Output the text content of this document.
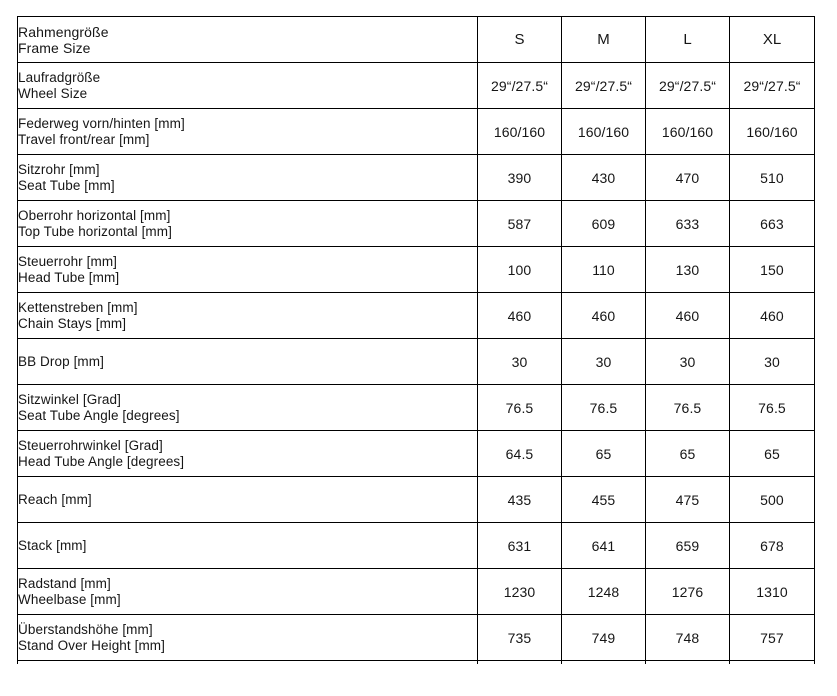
Rahmengröße
Frame Size	S	M	L	XL

Laufradgröße
Wheel Size	29“/27.5“	29“/27.5“	29“/27.5“	29“/27.5“

Federweg vorn/hinten [mm]
Travel front/rear [mm]	160/160	160/160	160/160	160/160

Sitzrohr [mm]
Seat Tube [mm]	390	430	470	510

Oberrohr horizontal [mm]
Top Tube horizontal [mm]	587	609	633	663

Steuerrohr [mm]
Head Tube [mm]	100	110	130	150

Kettenstreben [mm]
Chain Stays [mm]	460	460	460	460

BB Drop [mm]	30	30	30	30

Sitzwinkel [Grad]
Seat Tube Angle [degrees]	76.5	76.5	76.5	76.5

Steuerrohrwinkel [Grad]
Head Tube Angle [degrees]	64.5	65	65	65

Reach [mm]	435	455	475	500

Stack [mm]	631	641	659	678

Radstand [mm]
Wheelbase [mm]	1230	1248	1276	1310

Überstandshöhe [mm]
Stand Over Height [mm]	735	749	748	757
